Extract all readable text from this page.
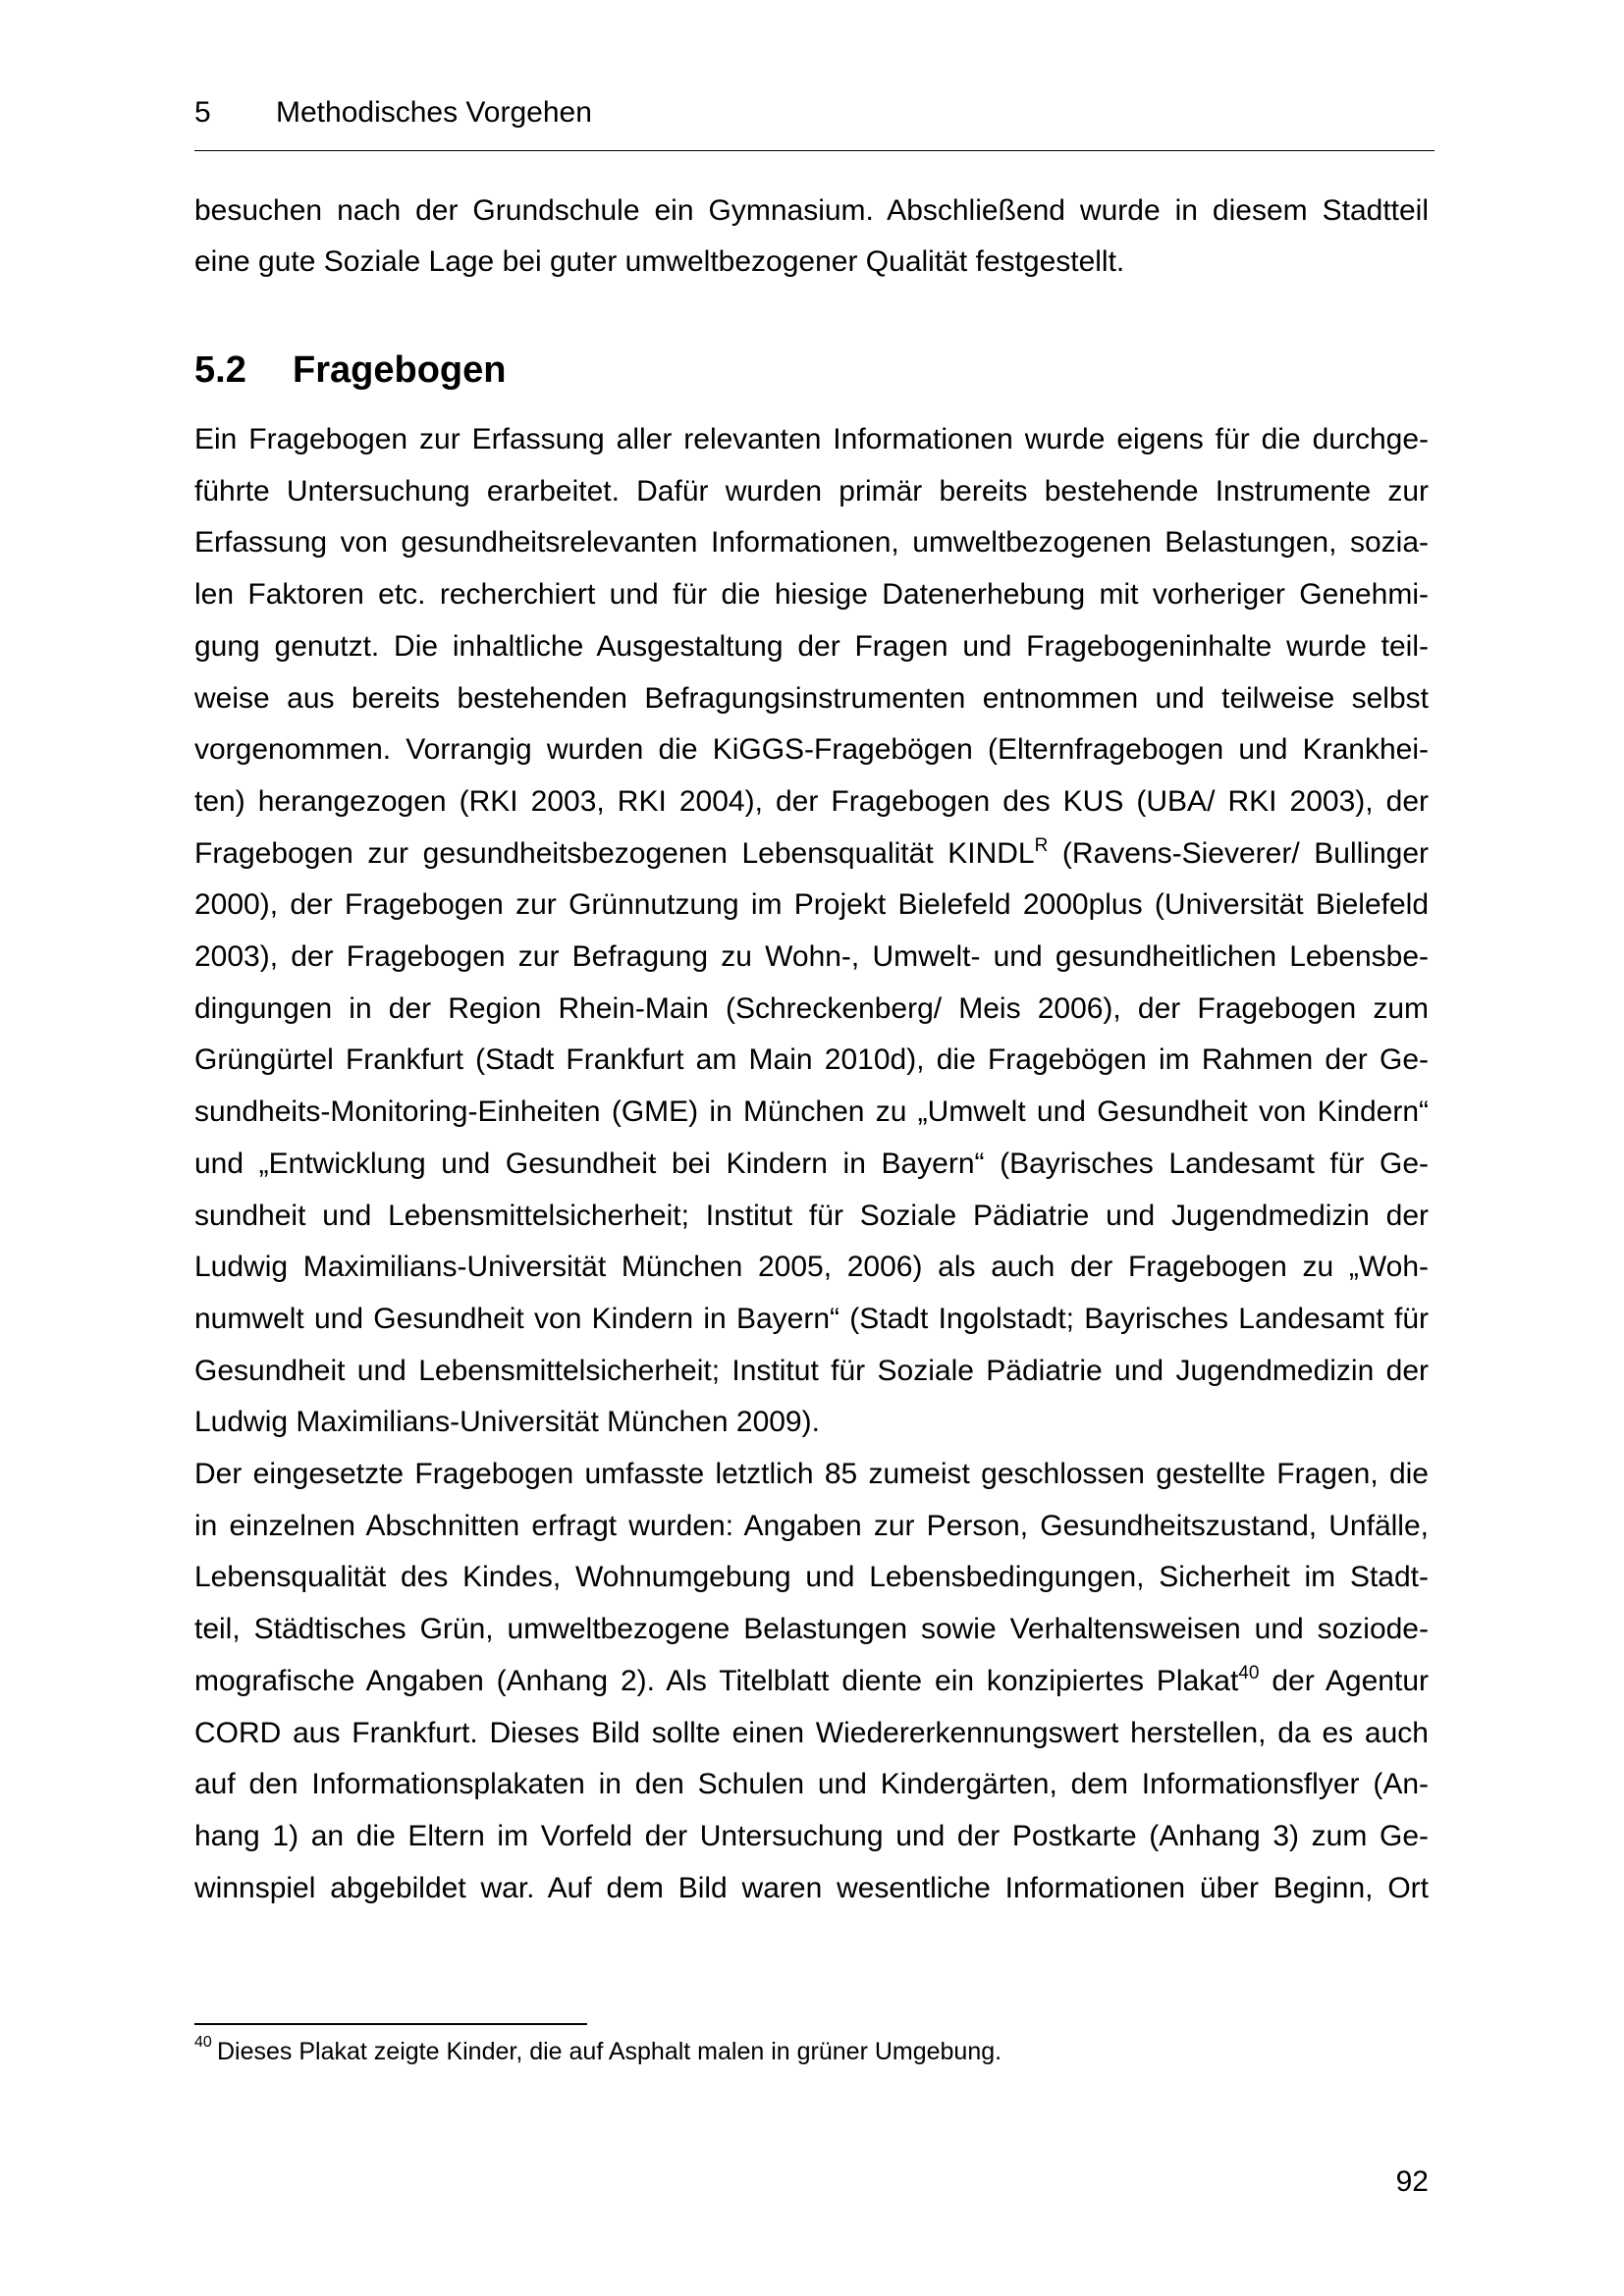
5 Methodisches Vorgehen
besuchen nach der Grundschule ein Gymnasium. Abschließend wurde in diesem Stadtteil
eine gute Soziale Lage bei guter umweltbezogener Qualität festgestellt.
5.2 Fragebogen
Ein Fragebogen zur Erfassung aller relevanten Informationen wurde eigens für die durchge-
führte Untersuchung erarbeitet. Dafür wurden primär bereits bestehende Instrumente zur
Erfassung von gesundheitsrelevanten Informationen, umweltbezogenen Belastungen, sozia-
len Faktoren etc. recherchiert und für die hiesige Datenerhebung mit vorheriger Genehmi-
gung genutzt. Die inhaltliche Ausgestaltung der Fragen und Fragebogeninhalte wurde teil-
weise aus bereits bestehenden Befragungsinstrumenten entnommen und teilweise selbst
vorgenommen. Vorrangig wurden die KiGGS-Fragebögen (Elternfragebogen und Krankhei-
ten) herangezogen (RKI 2003, RKI 2004), der Fragebogen des KUS (UBA/ RKI 2003), der
Fragebogen zur gesundheitsbezogenen Lebensqualität $KINDL^R$ (Ravens-Sieverer/ Bullinger
2000), der Fragebogen zur Grünnutzung im Projekt Bielefeld 2000plus (Universität Bielefeld
2003), der Fragebogen zur Befragung zu Wohn-, Umwelt- und gesundheitlichen Lebensbe-
dingungen in der Region Rhein-Main (Schreckenberg/ Meis 2006), der Fragebogen zum
Grüngürtel Frankfurt (Stadt Frankfurt am Main 2010d), die Fragebögen im Rahmen der Ge-
sundheits-Monitoring-Einheiten (GME) in München zu „Umwelt und Gesundheit von Kindern“
und „Entwicklung und Gesundheit bei Kindern in Bayern“ (Bayrisches Landesamt für Ge-
sundheit und Lebensmittelsicherheit; Institut für Soziale Pädiatrie und Jugendmedizin der
Ludwig Maximilians-Universität München 2005, 2006) als auch der Fragebogen zu „Woh-
numwelt und Gesundheit von Kindern in Bayern“ (Stadt Ingolstadt; Bayrisches Landesamt für
Gesundheit und Lebensmittelsicherheit; Institut für Soziale Pädiatrie und Jugendmedizin der
Ludwig Maximilians-Universität München 2009).
Der eingesetzte Fragebogen umfasste letztlich 85 zumeist geschlossen gestellte Fragen, die
in einzelnen Abschnitten erfragt wurden: Angaben zur Person, Gesundheitszustand, Unfälle,
Lebensqualität des Kindes, Wohnumgebung und Lebensbedingungen, Sicherheit im Stadt-
teil, Städtisches Grün, umweltbezogene Belastungen sowie Verhaltensweisen und soziode-
mografische Angaben (Anhang 2). Als Titelblatt diente ein konzipiertes Plakat$^{40}$ der Agentur
CORD aus Frankfurt. Dieses Bild sollte einen Wiedererkennungswert herstellen, da es auch
auf den Informationsplakaten in den Schulen und Kindergärten, dem Informationsflyer (An-
hang 1) an die Eltern im Vorfeld der Untersuchung und der Postkarte (Anhang 3) zum Ge-
winnspiel abgebildet war. Auf dem Bild waren wesentliche Informationen über Beginn, Ort
40 Dieses Plakat zeigte Kinder, die auf Asphalt malen in grüner Umgebung.
92
